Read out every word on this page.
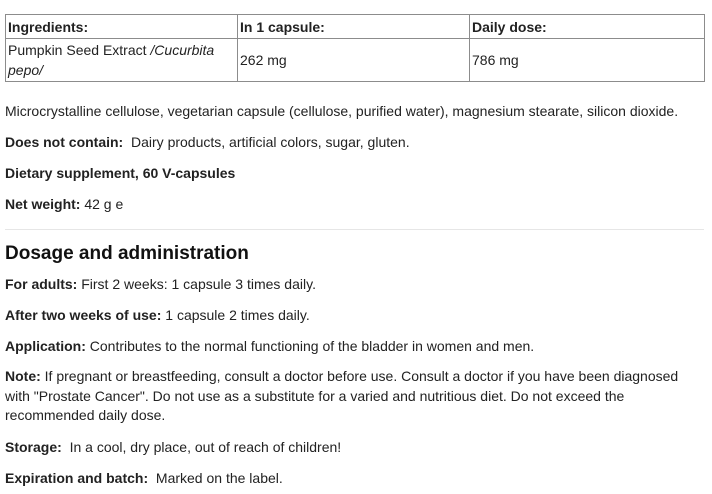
Ingredients:	In 1 capsule:	Daily dose:
Pumpkin Seed Extract /Cucurbita pepo/	262 mg	786 mg

Microcrystalline cellulose, vegetarian capsule (cellulose, purified water), magnesium stearate, silicon dioxide.

Does not contain: Dairy products, artificial colors, sugar, gluten.

Dietary supplement, 60 V-capsules

Net weight: 42 g e

Dosage and administration

For adults: First 2 weeks: 1 capsule 3 times daily.

After two weeks of use: 1 capsule 2 times daily.

Application: Contributes to the normal functioning of the bladder in women and men.

Note: If pregnant or breastfeeding, consult a doctor before use. Consult a doctor if you have been diagnosed with "Prostate Cancer". Do not use as a substitute for a varied and nutritious diet. Do not exceed the recommended daily dose.

Storage: In a cool, dry place, out of reach of children!

Expiration and batch: Marked on the label.
